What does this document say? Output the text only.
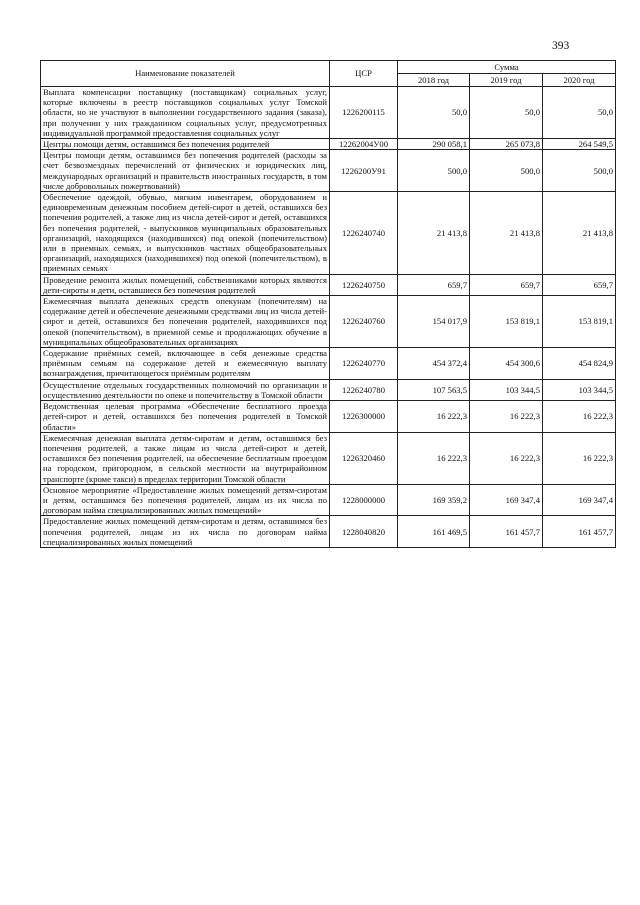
393
Наименование показателей	ЦСР	Сумма		
		2018 год	2019 год	2020 год
Выплата компенсации поставщику (поставщикам) социальных услуг, которые включены в реестр поставщиков социальных услуг Томской области, но не участвуют в выполнении государственного задания (заказа), при получении у них гражданином социальных услуг, предусмотренных индивидуальной программой предоставления социальных услуг	1226200115	50,0	50,0	50,0
Центры помощи детям, оставшимся без попечения родителей	12262004У00	290 058,1	265 073,8	264 549,5
Центры помощи детям, оставшимся без попечения родителей (расходы за счет безвозмездных перечислений от физических и юридических лиц, международных организаций и правительств иностранных государств, в том числе добровольных пожертвований)	1226200У91	500,0	500,0	500,0
Обеспечение одеждой, обувью, мягким инвентарем, оборудованием и единовременным денежным пособием детей-сирот и детей, оставшихся без попечения родителей, а также лиц из числа детей-сирот и детей, оставшихся без попечения родителей, - выпускников муниципальных образовательных организаций, находящихся (находившихся) под опекой (попечительством) или в приемных семьях, и выпускников частных общеобразовательных организаций, находящихся (находившихся) под опекой (попечительством), в приемных семьях	1226240740	21 413,8	21 413,8	21 413,8
Проведение ремонта жилых помещений, собственниками которых являются дети-сироты и дети, оставшиеся без попечения родителей	1226240750	659,7	659,7	659,7
Ежемесячная выплата денежных средств опекунам (попечителям) на содержание детей и обеспечение денежными средствами лиц из числа детей-сирот и детей, оставшихся без попечения родителей, находившихся под опекой (попечительством), в приемной семье и продолжающих обучение в муниципальных общеобразовательных организациях	1226240760	154 017,9	153 819,1	153 819,1
Содержание приёмных семей, включающее в себя денежные средства приёмным семьям на содержание детей и ежемесячную выплату вознаграждения, причитающегося приёмным родителям	1226240770	454 372,4	454 300,6	454 824,9
Осуществление отдельных государственных полномочий по организации и осуществлению деятельности по опеке и попечительству в Томской области	1226240780	107 563,5	103 344,5	103 344,5
Ведомственная целевая программа «Обеспечение бесплатного проезда детей-сирот и детей, оставшихся без попечения родителей в Томской области»	1226300000	16 222,3	16 222,3	16 222,3
Ежемесячная денежная выплата детям-сиротам и детям, оставшимся без попечения родителей, а также лицам из числа детей-сирот и детей, оставшихся без попечения родителей, на обеспечение бесплатным проездом на городском, пригородном, в сельской местности на внутрирайонном транспорте (кроме такси) в пределах территории Томской области	1226320460	16 222,3	16 222,3	16 222,3
Основное мероприятие «Предоставление жилых помещений детям-сиротам и детям, оставшимся без попечения родителей, лицам из их числа по договорам найма специализированных жилых помещений»	1228000000	169 359,2	169 347,4	169 347,4
Предоставление жилых помещений детям-сиротам и детям, оставшимся без попечения родителей, лицам из их числа по договорам найма специализированных жилых помещений	1228040820	161 469,5	161 457,7	161 457,7
